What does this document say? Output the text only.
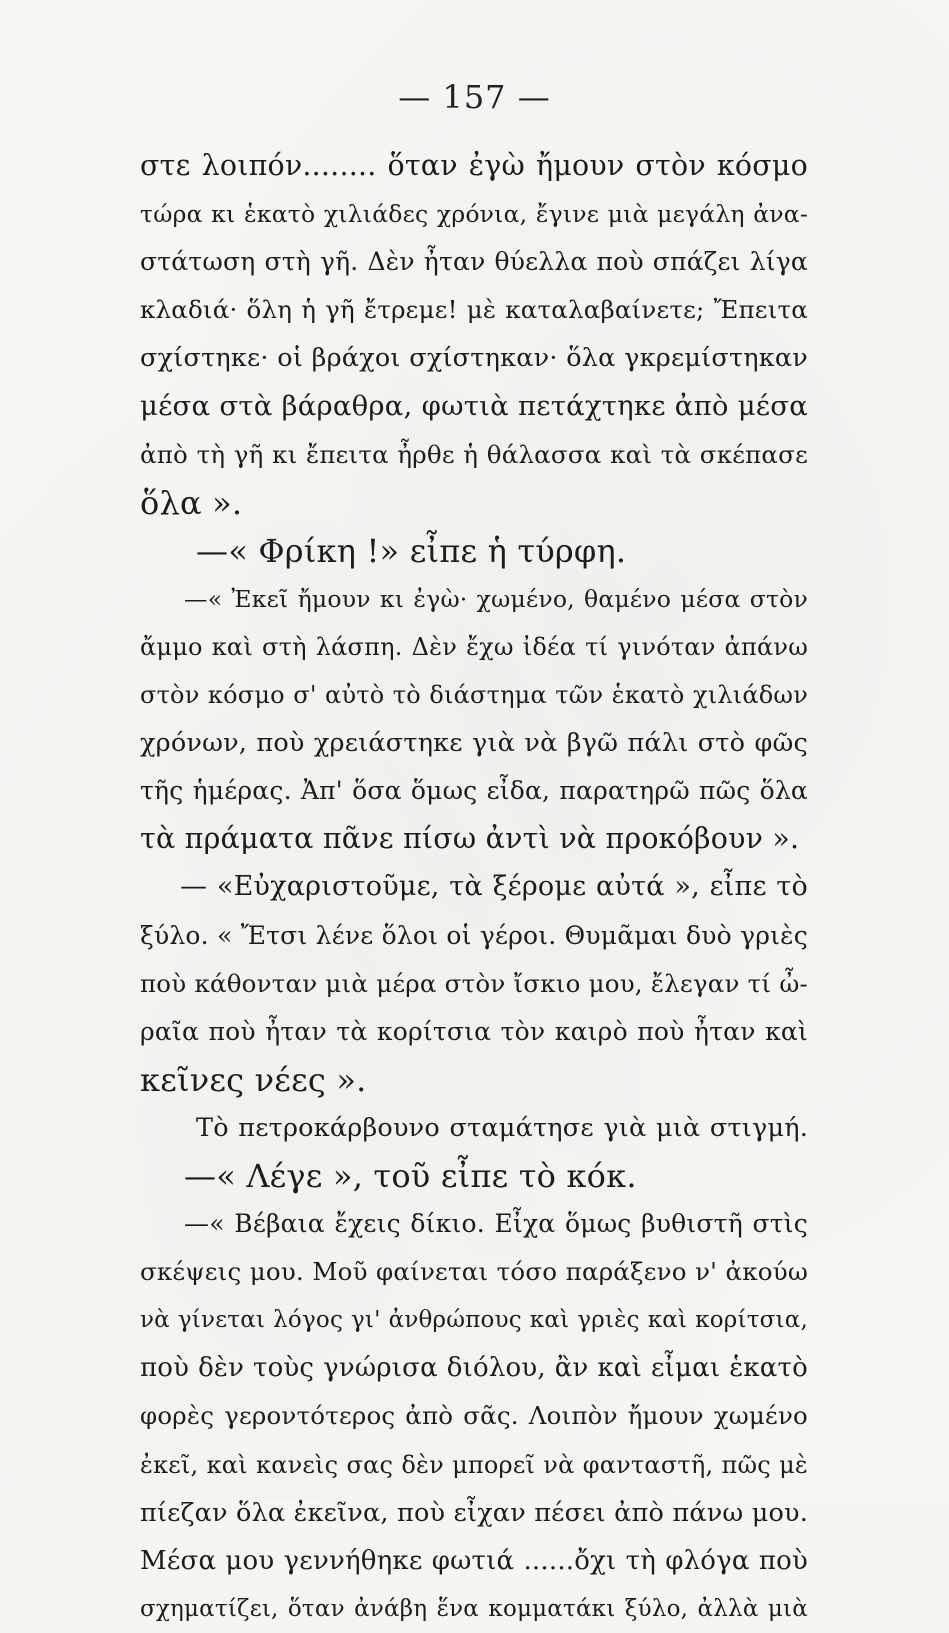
— 157 —
στε λοιπόν........ ὅταν ἐγὼ ἤμουν στὸν κόσμο
τώρα κι ἑκατὸ χιλιάδες χρόνια, ἔγινε μιὰ μεγάλη ἀνα-
στάτωση στὴ γῆ. Δὲν ἦταν θύελλα ποὺ σπάζει λίγα
κλαδιά· ὅλη ἡ γῆ ἔτρεμε! μὲ καταλαβαίνετε; Ἔπειτα
σχίστηκε· οἱ βράχοι σχίστηκαν· ὅλα γκρεμίστηκαν
μέσα στὰ βάραθρα, φωτιὰ πετάχτηκε ἀπὸ μέσα
ἀπὸ τὴ γῆ κι ἔπειτα ἦρθε ἡ θάλασσα καὶ τὰ σκέπασε
ὅλα ».
—« Φρίκη !» εἶπε ἡ τύρφη.
—« Ἐκεῖ ἤμουν κι ἐγὼ· χωμένο, θαμένο μέσα στὸν
ἄμμο καὶ στὴ λάσπη. Δὲν ἔχω ἰδέα τί γινόταν ἀπάνω
στὸν κόσμο σ' αὐτὸ τὸ διάστημα τῶν ἑκατὸ χιλιάδων
χρόνων, ποὺ χρειάστηκε γιὰ νὰ βγῶ πάλι στὸ φῶς
τῆς ἡμέρας. Ἀπ' ὅσα ὅμως εἶδα, παρατηρῶ πῶς ὅλα
τὰ πράματα πᾶνε πίσω ἀντὶ νὰ προκόβουν ».
— «Εὐχαριστοῦμε, τὰ ξέρομε αὐτά », εἶπε τὸ
ξύλο. « Ἔτσι λένε ὅλοι οἱ γέροι. Θυμᾶμαι δυὸ γριὲς
ποὺ κάθονταν μιὰ μέρα στὸν ἴσκιο μου, ἔλεγαν τί ὦ-
ραῖα ποὺ ἦταν τὰ κορίτσια τὸν καιρὸ ποὺ ἦταν καὶ
κεῖνες νέες ».
Τὸ πετροκάρβουνο σταμάτησε γιὰ μιὰ στιγμή.
—« Λέγε », τοῦ εἶπε τὸ κόκ.
—« Βέβαια ἔχεις δίκιο. Εἶχα ὅμως βυθιστῆ στὶς
σκέψεις μου. Μοῦ φαίνεται τόσο παράξενο ν' ἀκούω
νὰ γίνεται λόγος γι' ἀνθρώπους καὶ γριὲς καὶ κορίτσια,
ποὺ δὲν τοὺς γνώρισα διόλου, ἂν καὶ εἶμαι ἑκατὸ
φορὲς γεροντότερος ἀπὸ σᾶς. Λοιπὸν ἤμουν χωμένο
ἐκεῖ, καὶ κανεὶς σας δὲν μπορεῖ νὰ φανταστῆ, πῶς μὲ
πίεζαν ὅλα ἐκεῖνα, ποὺ εἶχαν πέσει ἀπὸ πάνω μου.
Μέσα μου γεννήθηκε φωτιά ......ὄχι τὴ φλόγα ποὺ
σχηματίζει, ὅταν ἀνάβη ἕνα κομματάκι ξύλο, ἀλλὰ μιὰ
